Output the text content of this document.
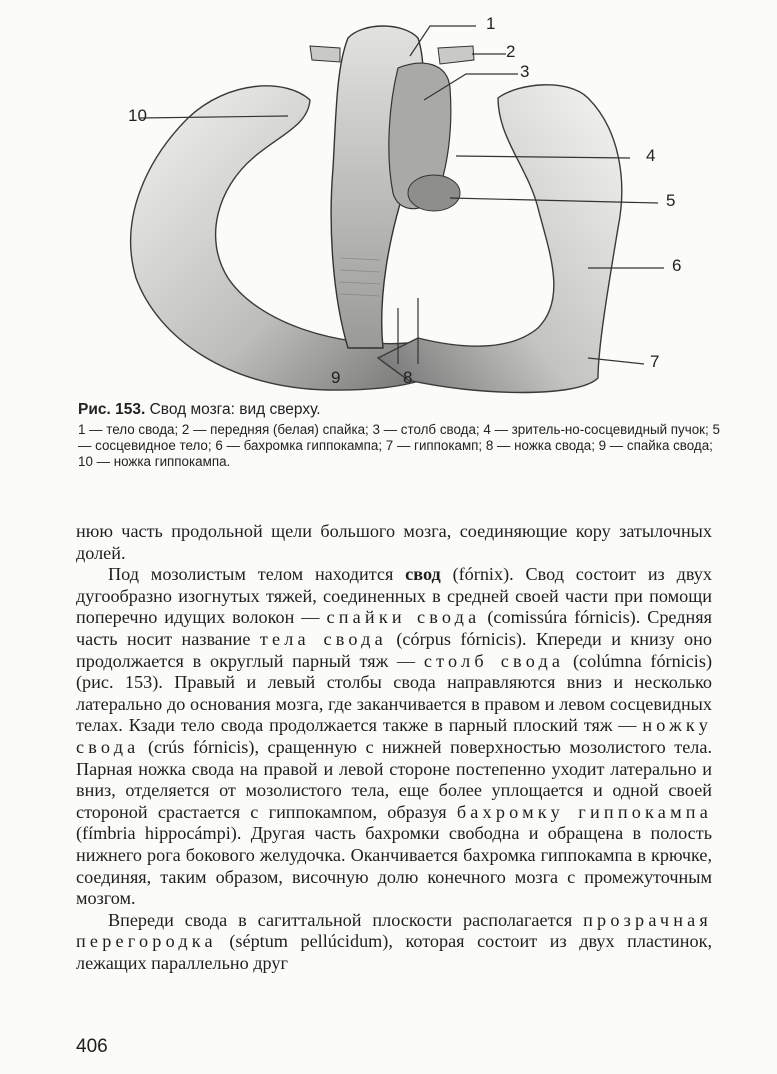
1
2
3
4
5
6
7
8
9
10
Рис. 153. Свод мозга: вид сверху.
1 — тело свода; 2 — передняя (белая) спайка; 3 — столб свода; 4 — зритель-но-сосцевидный пучок; 5 — сосцевидное тело; 6 — бахромка гиппокампа; 7 — гиппокамп; 8 — ножка свода; 9 — спайка свода; 10 — ножка гиппокампа.

нюю часть продольной щели большого мозга, соединяющие кору затылочных долей.

Под мозолистым телом находится свод (fórnix). Свод состоит из двух дугообразно изогнутых тяжей, соединенных в средней своей части при помощи поперечно идущих волокон — спайки свода (comissúra fórnicis). Средняя часть носит название тела свода (córpus fórnicis). Кпереди и книзу оно продолжается в округлый парный тяж — столб свода (colúmna fórnicis) (рис. 153). Правый и левый столбы свода направляются вниз и несколько латерально до основания мозга, где заканчивается в правом и левом сосцевидных телах. Кзади тело свода продолжается также в парный плоский тяж — ножку свода (crús fórnicis), сращенную с нижней поверхностью мозолистого тела. Парная ножка свода на правой и левой стороне постепенно уходит латерально и вниз, отделяется от мозолистого тела, еще более уплощается и одной своей стороной срастается с гиппокампом, образуя бахромку гиппокампа (fímbria hippocámpi). Другая часть бахромки свободна и обращена в полость нижнего рога бокового желудочка. Оканчивается бахромка гиппокампа в крючке, соединяя, таким образом, височную долю конечного мозга с промежуточным мозгом.

Впереди свода в сагиттальной плоскости располагается прозрачная перегородка (séptum pellúcidum), которая состоит из двух пластинок, лежащих параллельно друг

406
